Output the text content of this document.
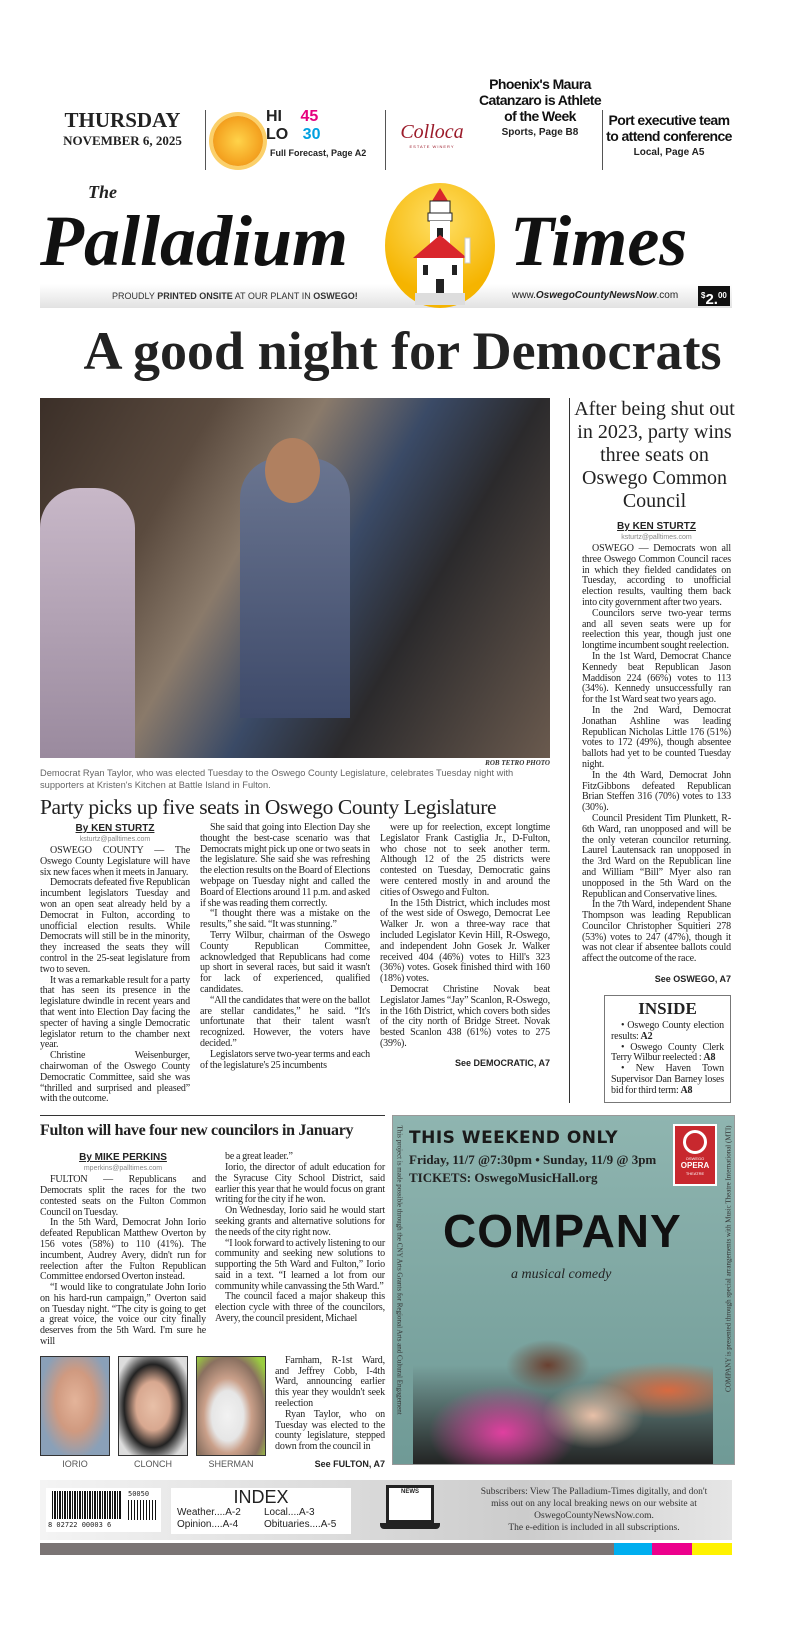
THURSDAY
NOVEMBER 6, 2025
HI 45
LO 30
Full Forecast, Page A2
Colloca
ESTATE WINERY
Phoenix's Maura Catanzaro is Athlete of the Week
Sports, Page B8
Port executive team to attend conference
Local, Page A5
The
Palladium Times
PROUDLY PRINTED ONSITE AT OUR PLANT IN OSWEGO!	www.OswegoCountyNewsNow.com	$2.00
A good night for Democrats
ROB TETRO PHOTO
Democrat Ryan Taylor, who was elected Tuesday to the Oswego County Legislature, celebrates Tuesday night with supporters at Kristen's Kitchen at Battle Island in Fulton.
Party picks up five seats in Oswego County Legislature
By KEN STURTZ
ksturtz@palltimes.com

OSWEGO COUNTY — The Oswego County Legislature will have six new faces when it meets in January.

Democrats defeated five Republican incumbent legislators Tuesday and won an open seat already held by a Democrat in Fulton, according to unofficial election results. While Democrats will still be in the minority, they increased the seats they will control in the 25-seat legislature from two to seven.

It was a remarkable result for a party that has seen its presence in the legislature dwindle in recent years and that went into Election Day facing the specter of having a single Democratic legislator return to the chamber next year.

Christine Weisenburger, chairwoman of the Oswego County Democratic Committee, said she was “thrilled and surprised and pleased” with the outcome.

She said that going into Election Day she thought the best-case scenario was that Democrats might pick up one or two seats in the legislature. She said she was refreshing the election results on the Board of Elections webpage on Tuesday night and called the Board of Elections around 11 p.m. and asked if she was reading them correctly.

“I thought there was a mistake on the results,” she said. “It was stunning.”

Terry Wilbur, chairman of the Oswego County Republican Committee, acknowledged that Republicans had come up short in several races, but said it wasn't for lack of experienced, qualified candidates.

“All the candidates that were on the ballot are stellar candidates,” he said. “It's unfortunate that their talent wasn't recognized. However, the voters have decided.”

Legislators serve two-year terms and each of the legislature's 25 incumbents

were up for reelection, except longtime Legislator Frank Castiglia Jr., D-Fulton, who chose not to seek another term. Although 12 of the 25 districts were contested on Tuesday, Democratic gains were centered mostly in and around the cities of Oswego and Fulton.

In the 15th District, which includes most of the west side of Oswego, Democrat Lee Walker Jr. won a three-way race that included Legislator Kevin Hill, R-Oswego, and independent John Gosek Jr. Walker received 404 (46%) votes to Hill's 323 (36%) votes. Gosek finished third with 160 (18%) votes.

Democrat Christine Novak beat Legislator James “Jay” Scanlon, R-Oswego, in the 16th District, which covers both sides of the city north of Bridge Street. Novak bested Scanlon 438 (61%) votes to 275 (39%).

See DEMOCRATIC, A7
After being shut out in 2023, party wins three seats on Oswego Common Council
By KEN STURTZ
ksturtz@palltimes.com

OSWEGO — Democrats won all three Oswego Common Council races in which they fielded candidates on Tuesday, according to unofficial election results, vaulting them back into city government after two years.

Councilors serve two-year terms and all seven seats were up for reelection this year, though just one longtime incumbent sought reelection.

In the 1st Ward, Democrat Chance Kennedy beat Republican Jason Maddison 224 (66%) votes to 113 (34%). Kennedy unsuccessfully ran for the 1st Ward seat two years ago.

In the 2nd Ward, Democrat Jonathan Ashline was leading Republican Nicholas Little 176 (51%) votes to 172 (49%), though absentee ballots had yet to be counted Tuesday night.

In the 4th Ward, Democrat John FitzGibbons defeated Republican Brian Steffen 316 (70%) votes to 133 (30%).

Council President Tim Plunkett, R-6th Ward, ran unopposed and will be the only veteran councilor returning. Laurel Lautensack ran unopposed in the 3rd Ward on the Republican line and William “Bill” Myer also ran unopposed in the 5th Ward on the Republican and Conservative lines.

In the 7th Ward, independent Shane Thompson was leading Republican Councilor Christopher Squitieri 278 (53%) votes to 247 (47%), though it was not clear if absentee ballots could affect the outcome of the race.

See OSWEGO, A7
INSIDE

• Oswego County election results: A2

• Oswego County Clerk Terry Wilbur reelected : A8

• New Haven Town Supervisor Dan Barney loses bid for third term: A8

Fulton will have four new councilors in January
By MIKE PERKINS
mperkins@palltimes.com

FULTON — Republicans and Democrats split the races for the two contested seats on the Fulton Common Council on Tuesday.

In the 5th Ward, Democrat John Iorio defeated Republican Matthew Overton by 156 votes (58%) to 110 (41%). The incumbent, Audrey Avery, didn't run for reelection after the Fulton Republican Committee endorsed Overton instead.

“I would like to congratulate John Iorio on his hard-run campaign,” Overton said on Tuesday night. “The city is going to get a great voice, the voice our city finally deserves from the 5th Ward. I'm sure he will

be a great leader.”

Iorio, the director of adult education for the Syracuse City School District, said earlier this year that he would focus on grant writing for the city if he won.

On Wednesday, Iorio said he would start seeking grants and alternative solutions for the needs of the city right now.

“I look forward to actively listening to our community and seeking new solutions to supporting the 5th Ward and Fulton,” Iorio said in a text. “I learned a lot from our community while canvassing the 5th Ward.”

The council faced a major shakeup this election cycle with three of the councilors, Avery, the council president, Michael

IORIO	CLONCH	SHERMAN

Farnham, R-1st Ward, and Jeffrey Cobb, I-4th Ward, announcing earlier this year they wouldn't seek reelection

Ryan Taylor, who on Tuesday was elected to the county legislature, stepped down from the council in

See FULTON, A7
THIS WEEKEND ONLY
Friday, 11/7 @7:30pm • Sunday, 11/9 @ 3pm
TICKETS: OswegoMusicHall.org
OSWEGO
OPERA
THEATRE
COMPANY
a musical comedy
This project is made possible through the CNY Arts Grants for Regional Arts and Cultural Engagement	COMPANY is presented through special arrangements with Music Theatre International (MTI)
50050
8 02722 00003 6
INDEX
Weather....A-2	Local....A-3
Opinion....A-4	Obituaries....A-5
NEWS	Subscribers: View The Palladium-Times digitally, and don't
miss out on any local breaking news on our website at
OswegoCountyNewsNow.com.
The e-edition is included in all subscriptions.
